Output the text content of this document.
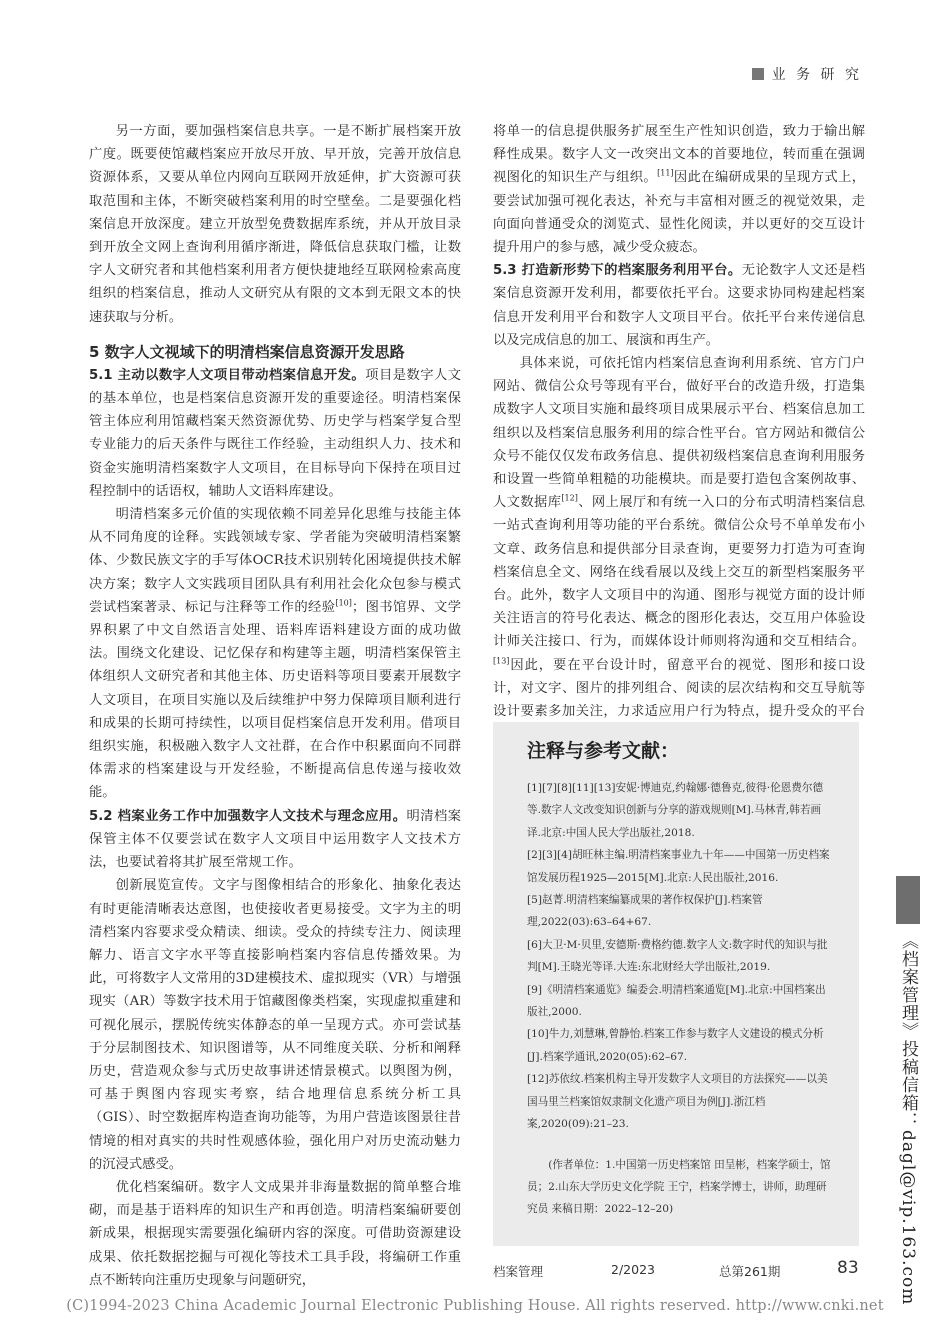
业 务 研 究

另一方面，要加强档案信息共享。一是不断扩展档案开放广度。既要使馆藏档案应开放尽开放、早开放，完善开放信息资源体系，又要从单位内网向互联网开放延伸，扩大资源可获取范围和主体，不断突破档案利用的时空壁垒。二是要强化档案信息开放深度。建立开放型免费数据库系统，并从开放目录到开放全文网上查询利用循序渐进，降低信息获取门槛，让数字人文研究者和其他档案利用者方便快捷地经互联网检索高度组织的档案信息，推动人文研究从有限的文本到无限文本的快速获取与分析。

5 数字人文视域下的明清档案信息资源开发思路

5.1 主动以数字人文项目带动档案信息开发。项目是数字人文的基本单位，也是档案信息资源开发的重要途径。明清档案保管主体应利用馆藏档案天然资源优势、历史学与档案学复合型专业能力的后天条件与既往工作经验，主动组织人力、技术和资金实施明清档案数字人文项目，在目标导向下保持在项目过程控制中的话语权，辅助人文语料库建设。

明清档案多元价值的实现依赖不同差异化思维与技能主体从不同角度的诠释。实践领域专家、学者能为突破明清档案繁体、少数民族文字的手写体OCR技术识别转化困境提供技术解决方案；数字人文实践项目团队具有利用社会化众包参与模式尝试档案著录、标记与注释等工作的经验[10]；图书馆界、文学界积累了中文自然语言处理、语料库语料建设方面的成功做法。围绕文化建设、记忆保存和构建等主题，明清档案保管主体组织人文研究者和其他主体、历史语料等项目要素开展数字人文项目，在项目实施以及后续维护中努力保障项目顺利进行和成果的长期可持续性，以项目促档案信息开发利用。借项目组织实施，积极融入数字人文社群，在合作中积累面向不同群体需求的档案建设与开发经验，不断提高信息传递与接收效能。

5.2 档案业务工作中加强数字人文技术与理念应用。明清档案保管主体不仅要尝试在数字人文项目中运用数字人文技术方法，也要试着将其扩展至常规工作。

创新展览宣传。文字与图像相结合的形象化、抽象化表达有时更能清晰表达意图，也使接收者更易接受。文字为主的明清档案内容要求受众精读、细读。受众的持续专注力、阅读理解力、语言文字水平等直接影响档案内容信息传播效果。为此，可将数字人文常用的3D建模技术、虚拟现实（VR）与增强现实（AR）等数字技术用于馆藏图像类档案，实现虚拟重建和可视化展示，摆脱传统实体静态的单一呈现方式。亦可尝试基于分层制图技术、知识图谱等，从不同维度关联、分析和阐释历史，营造观众参与式历史故事讲述情景模式。以舆图为例，可基于舆图内容现实考察，结合地理信息系统分析工具（GIS）、时空数据库构造查询功能等，为用户营造该图景往昔情境的相对真实的共时性观感体验，强化用户对历史流动魅力的沉浸式感受。

优化档案编研。数字人文成果并非海量数据的简单整合堆砌，而是基于语料库的知识生产和再创造。明清档案编研要创新成果，根据现实需要强化编研内容的深度。可借助资源建设成果、依托数据挖掘与可视化等技术工具手段，将编研工作重点不断转向注重历史现象与问题研究，

将单一的信息提供服务扩展至生产性知识创造，致力于输出解释性成果。数字人文一改突出文本的首要地位，转而重在强调视图化的知识生产与组织。[11]因此在编研成果的呈现方式上，要尝试加强可视化表达，补充与丰富相对匮乏的视觉效果，走向面向普通受众的浏览式、显性化阅读，并以更好的交互设计提升用户的参与感，减少受众疲态。

5.3 打造新形势下的档案服务利用平台。无论数字人文还是档案信息资源开发利用，都要依托平台。这要求协同构建起档案信息开发利用平台和数字人文项目平台。依托平台来传递信息以及完成信息的加工、展演和再生产。

具体来说，可依托馆内档案信息查询利用系统、官方门户网站、微信公众号等现有平台，做好平台的改造升级，打造集成数字人文项目实施和最终项目成果展示平台、档案信息加工组织以及档案信息服务利用的综合性平台。官方网站和微信公众号不能仅仅发布政务信息、提供初级档案信息查询利用服务和设置一些简单粗糙的功能模块。而是要打造包含案例故事、人文数据库[12]、网上展厅和有统一入口的分布式明清档案信息一站式查询利用等功能的平台系统。微信公众号不单单发布小文章、政务信息和提供部分目录查询，更要努力打造为可查询档案信息全文、网络在线看展以及线上交互的新型档案服务平台。此外，数字人文项目中的沟通、图形与视觉方面的设计师关注语言的符号化表达、概念的图形化表达，交互用户体验设计师关注接口、行为，而媒体设计师则将沟通和交互相结合。[13]因此，要在平台设计时，留意平台的视觉、图形和接口设计，对文字、图片的排列组合、阅读的层次结构和交互导航等设计要素多加关注，力求适应用户行为特点，提升受众的平台

注释与参考文献：
[1][7][8][11][13]安妮·博迪克,约翰娜·德鲁克,彼得·伦恩费尔德等.数字人文改变知识创新与分享的游戏规则[M].马林青,韩若画译.北京:中国人民大学出版社,2018.
[2][3][4]胡旺林主编.明清档案事业九十年——中国第一历史档案馆发展历程1925—2015[M].北京:人民出版社,2016.
[5]赵菁.明清档案编纂成果的著作权保护[J].档案管理,2022(03):63–64+67.
[6]大卫·M·贝里,安德斯·费格约德.数字人文:数字时代的知识与批判[M].王晓光等译.大连:东北财经大学出版社,2019.
[9]《明清档案通览》编委会.明清档案通览[M].北京:中国档案出版社,2000.
[10]牛力,刘慧琳,曾静怡.档案工作参与数字人文建设的模式分析[J].档案学通讯,2020(05):62–67.
[12]苏依纹.档案机构主导开发数字人文项目的方法探究——以美国马里兰档案馆奴隶制文化遗产项目为例[J].浙江档案,2020(09):21–23.
(作者单位：1.中国第一历史档案馆 田呈彬，档案学硕士，馆员；2.山东大学历史文化学院 王宁，档案学博士，讲师，助理研究员 来稿日期：2022–12–20)	《档案管理》投稿信箱：dagl@vip.163.com
档案管理	2/2023	总第261期	83
(C)1994-2023 China Academic Journal Electronic Publishing House. All rights reserved. http://www.cnki.net
